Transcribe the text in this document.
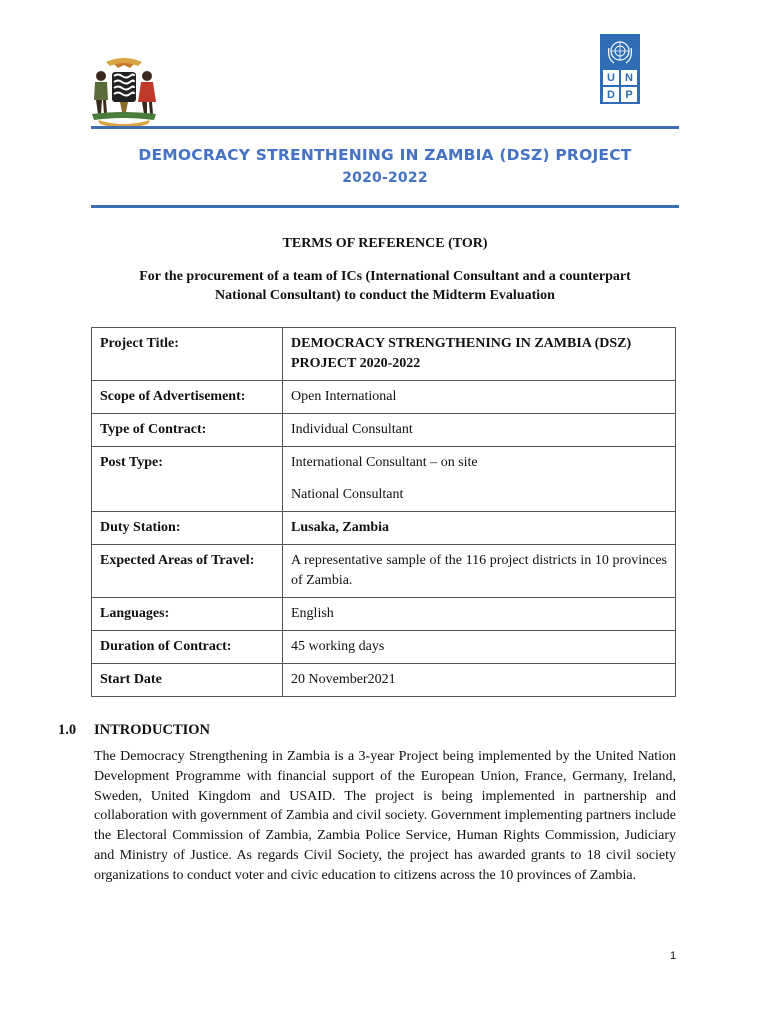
U N
D P
DEMOCRACY STRENTHENING IN ZAMBIA (DSZ) PROJECT
2020-2022
TERMS OF REFERENCE (TOR)
For the procurement of a team of ICs (International Consultant and a counterpart
National Consultant) to conduct the Midterm Evaluation
Project Title:	DEMOCRACY STRENGTHENING IN ZAMBIA (DSZ)
PROJECT 2020-2022

Scope of Advertisement:	Open International
Type of Contract:	Individual Consultant
Post Type:	International Consultant – on site

National Consultant

Duty Station:	Lusaka, Zambia
Expected Areas of Travel:	A representative sample of the 116 project districts in 10 provinces of Zambia.
Languages:	English
Duration of Contract:	45 working days
Start Date	20 November2021
1.0 INTRODUCTION

The Democracy Strengthening in Zambia is a 3-year Project being implemented by the United Nation Development Programme with financial support of the European Union, France, Germany, Ireland, Sweden, United Kingdom and USAID. The project is being implemented in partnership and collaboration with government of Zambia and civil society. Government implementing partners include the Electoral Commission of Zambia, Zambia Police Service, Human Rights Commission, Judiciary and Ministry of Justice. As regards Civil Society, the project has awarded grants to 18 civil society organizations to conduct voter and civic education to citizens across the 10 provinces of Zambia.

1
